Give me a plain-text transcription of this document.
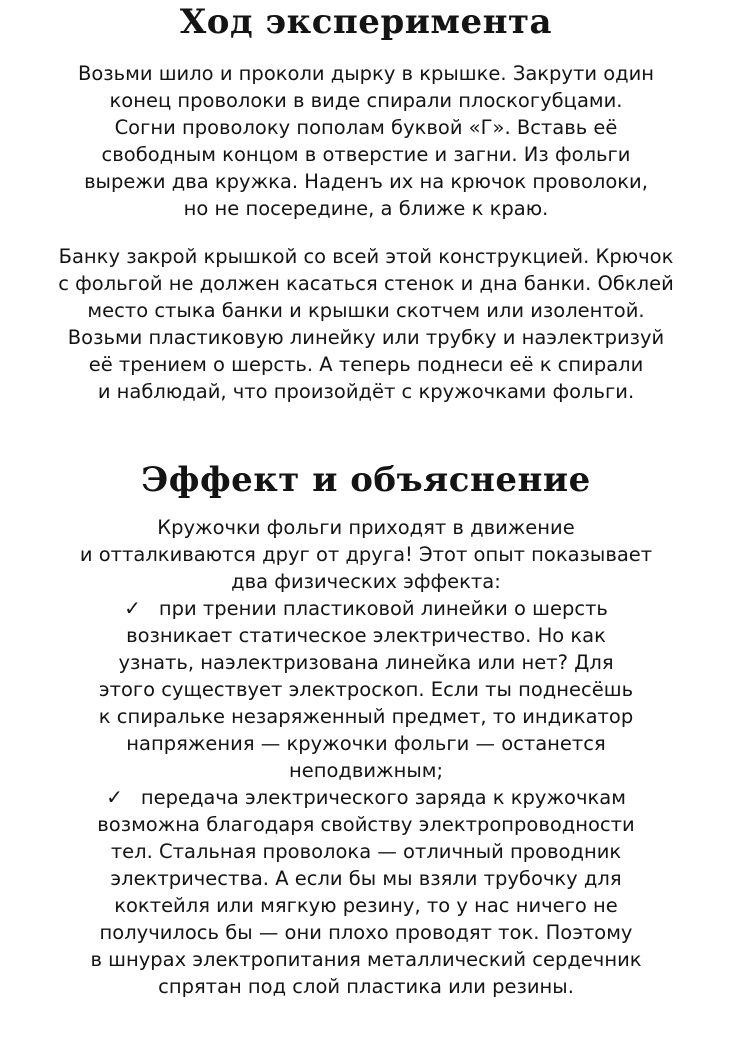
Ход эксперимента
Возьми шило и проколи дырку в крышке. Закрути один
конец проволоки в виде спирали плоскогубцами.
Согни проволоку пополам буквой «Г». Вставь её
свободным концом в отверстие и загни. Из фольги
вырежи два кружка. Наденъ их на крючок проволоки,
но не посередине, а ближе к краю.
Банку закрой крышкой со всей этой конструкцией. Крючок
с фольгой не должен касаться стенок и дна банки. Обклей
место стыка банки и крышки скотчем или изолентой.
Возьми пластиковую линейку или трубку и наэлектризуй
её трением о шерсть. А теперь поднеси её к спирали
и наблюдай, что произойдёт с кружочками фольги.
Эффект и объяснение
Кружочки фольги приходят в движение
и отталкиваются друг от друга! Этот опыт показывает
два физических эффекта:
✓ при трении пластиковой линейки о шерсть
возникает статическое электричество. Но как
узнать, наэлектризована линейка или нет? Для
этого существует электроскоп. Если ты поднесёшь
к спиральке незаряженный предмет, то индикатор
напряжения — кружочки фольги — останется
неподвижным;
✓ передача электрического заряда к кружочкам
возможна благодаря свойству электропроводности
тел. Стальная проволока — отличный проводник
электричества. А если бы мы взяли трубочку для
коктейля или мягкую резину, то у нас ничего не
получилось бы — они плохо проводят ток. Поэтому
в шнурах электропитания металлический сердечник
спрятан под слой пластика или резины.
